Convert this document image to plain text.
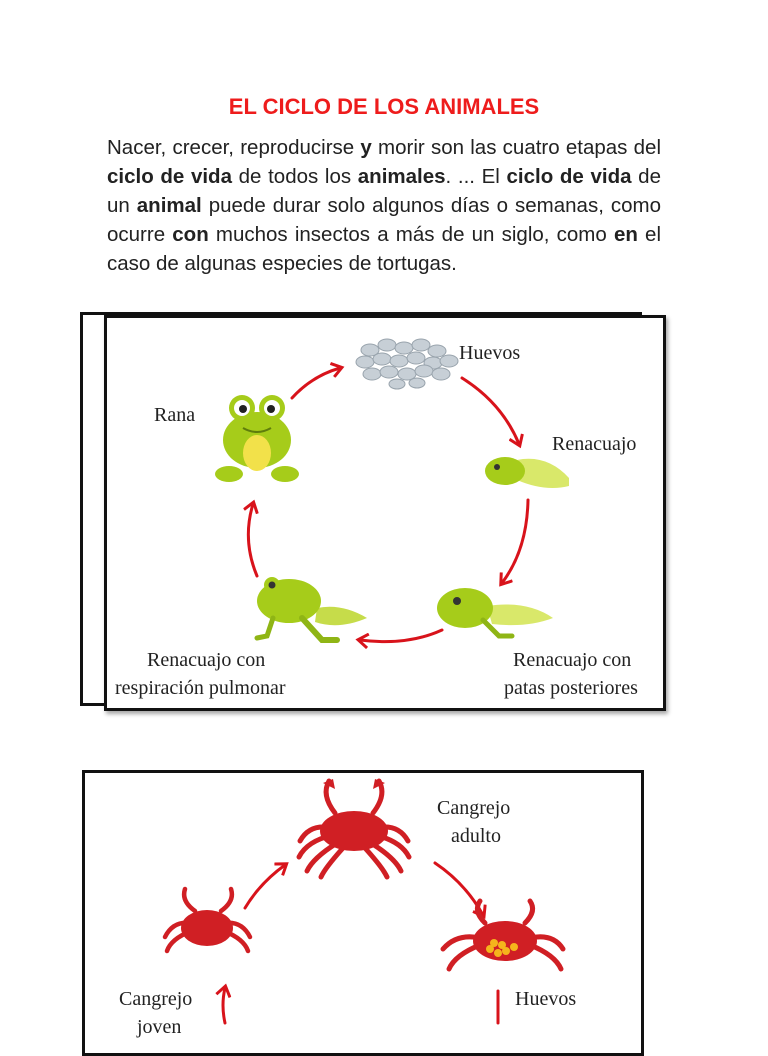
EL CICLO DE LOS ANIMALES
Nacer, crecer, reproducirse y morir son las cuatro etapas del ciclo de vida de todos los animales. ... El ciclo de vida de un animal puede durar solo algunos días o semanas, como ocurre con muchos insectos a más de un siglo, como en el caso de algunas especies de tortugas.
Huevos
Renacuajo
Rana
Renacuajo con
patas posteriores
Renacuajo con
respiración pulmonar
Cangrejo
adulto
Huevos
Cangrejo
joven
